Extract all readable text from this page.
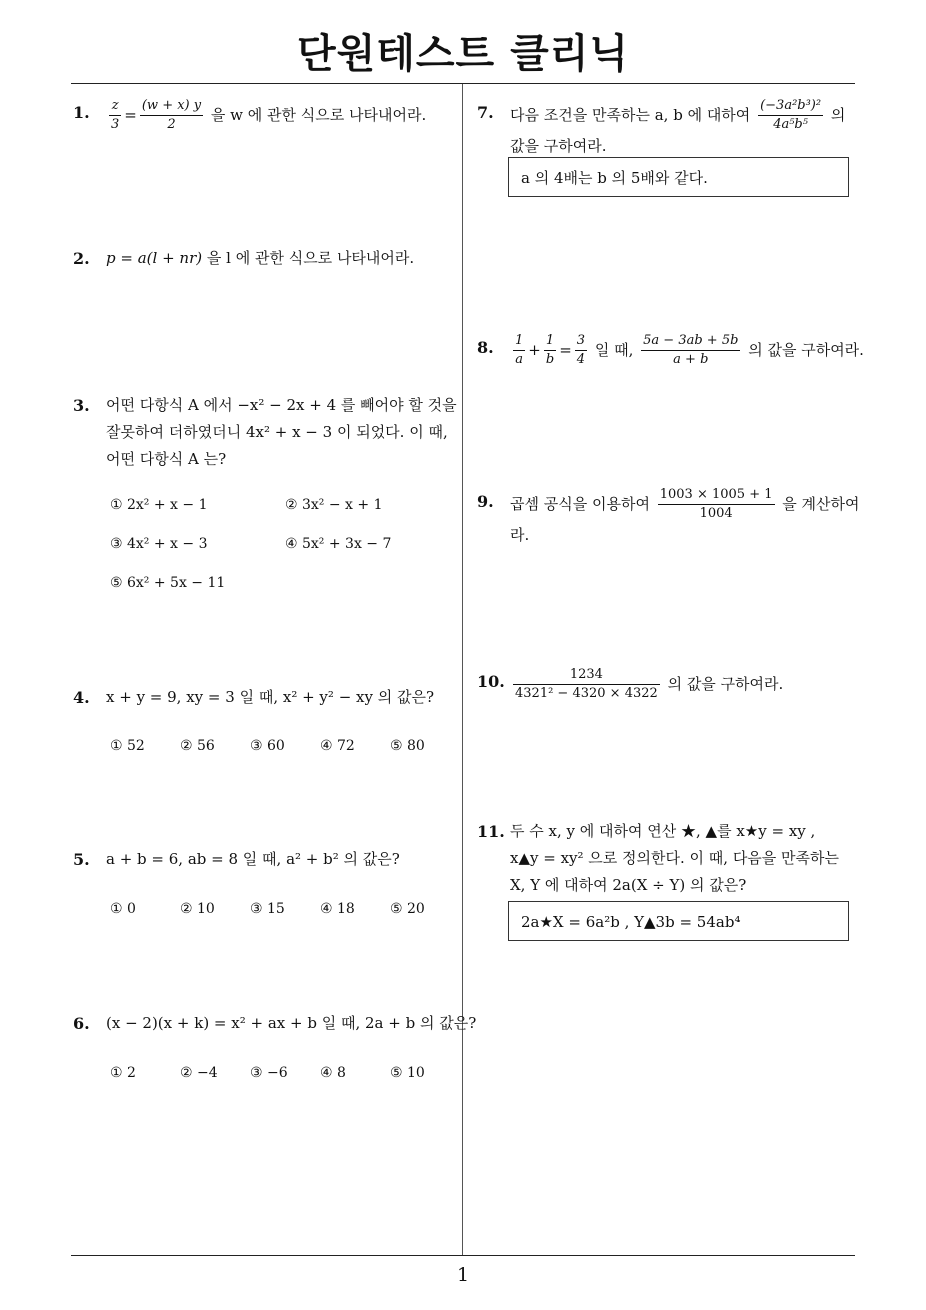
단원테스트 클리닉
1
1. $\frac{z}{3} = \frac{(w + x) y}{2}$ 을 w 에 관한 식으로 나타내어라.
2. p = a(l + nr) 을 l 에 관한 식으로 나타내어라.
3. 어떤 다항식 A 에서 −x² − 2x + 4 를 빼어야 할 것을
잘못하여 더하였더니 4x² + x − 3 이 되었다. 이 때,
어떤 다항식 A 는?
① 2x² + x − 1	② 3x² − x + 1
③ 4x² + x − 3	④ 5x² + 3x − 7
⑤ 6x² + 5x − 11
4. x + y = 9, xy = 3 일 때, x² + y² − xy 의 값은?
① 52	② 56	③ 60	④ 72	⑤ 80
5. a + b = 6, ab = 8 일 때, a² + b² 의 값은?
① 0	② 10	③ 15	④ 18	⑤ 20
6. (x − 2)(x + k) = x² + ax + b 일 때, 2a + b 의 값은?
① 2	② −4 ③ −6 ④ 8	⑤ 10
7. 다음 조건을 만족하는 a, b 에 대하여 $\frac{\text{(−3a²b³)²}}{\text{4a⁵b⁵}}$ 의
값을 구하여라.
a 의 4배는 b 의 5배와 같다.
8. $\frac{1}{a} + \frac{1}{b} = \frac{3}{4}$ 일 때, $\frac{5a - 3ab + 5b}{a + b}$ 의 값을 구하여라.
9. 곱셈 공식을 이용하여 $\frac{1003 \times 1005 + 1}{1004}$ 을 계산하여
라.
10. $\frac{1234}{\text{4321² − 4320 × 4322}}$ 의 값을 구하여라.
11. 두 수 x, y 에 대하여 연산 ★, ▲를 x★y = xy ,
x▲y = xy² 으로 정의한다. 이 때, 다음을 만족하는
X, Y 에 대하여 2a(X ÷ Y) 의 값은?
2a★X = 6a²b , Y▲3b = 54ab⁴
